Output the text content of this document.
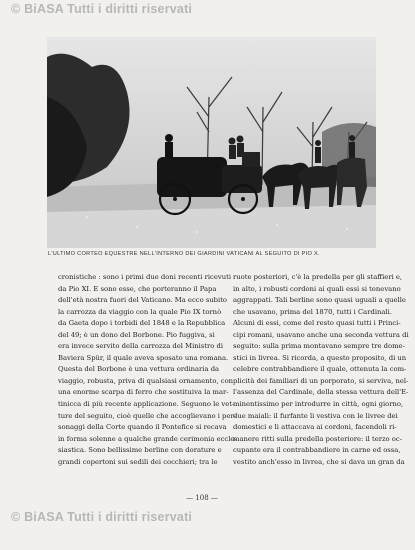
© BiASA Tutti i diritti riservati
L'ULTIMO CORTEO EQUESTRE NELL'INTERNO DEI GIARDINI VATICANI AL SEGUITO DI PIO X.
cronistiche : sono i primi due doni recenti ricevuti
da Pio XI. E sono esse, che porteranno il Papa
dell'età nostra fuori del Vaticano. Ma ecco subito
la carrozza da viaggio con la quale Pio IX tornò
da Gaeta dopo i torbidi del 1848 e la Repubblica
del 49; è un dono del Borbone. Pio fuggiva, si
era invece servito della carrozza del Ministro di
Baviera Spür, il quale aveva sposato una romana.
Questa del Borbone è una vettura ordinaria da
viaggio, robusta, priva di qualsiasi ornamento, con
una enorme scarpa di ferro che sostituiva la mar-
tinicca di più recente applicazione. Seguono le vet-
ture del seguito, cioè quelle che accoglievano i per-
sonaggi della Corte quando il Pontefice si recava
in forma solenne a qualche grande cerimonia eccle-
siastica. Sono bellissime berline con dorature e
grandi copertoni sui sedili dei cocchieri; tra le
ruote posteriori, c'è la predella per gli staffieri e,
in alto, i robusti cordoni ai quali essi si tenevano
aggrappati. Tali berline sono quasi uguali a quelle
che usavano, prima del 1870, tutti i Cardinali.
Alcuni di essi, come del resto quasi tutti i Princi-
cipi romani, usavano anche una seconda vettura di
seguito: sulla prima montavano sempre tre dome-
stici in livrea. Si ricorda, a questo proposito, di un
celebre contrabbandiere il quale, ottenuta la com-
plicità dei familiari di un porporato, si serviva, nel-
l'assenza del Cardinale, della stessa vettura dell'E-
minentissimo per introdurre in città, ogni giorno,
due maiali: il furfante li vestiva con le livree dei
domestici e li attaccava ai cordoni, facendoli ri-
manere ritti sulla predella posteriore: il terzo oc-
cupante era il contrabbandiere in carne ed ossa,
vestito anch'esso in livrea, che si dava un gran da
— 108 —
© BiASA Tutti i diritti riservati
